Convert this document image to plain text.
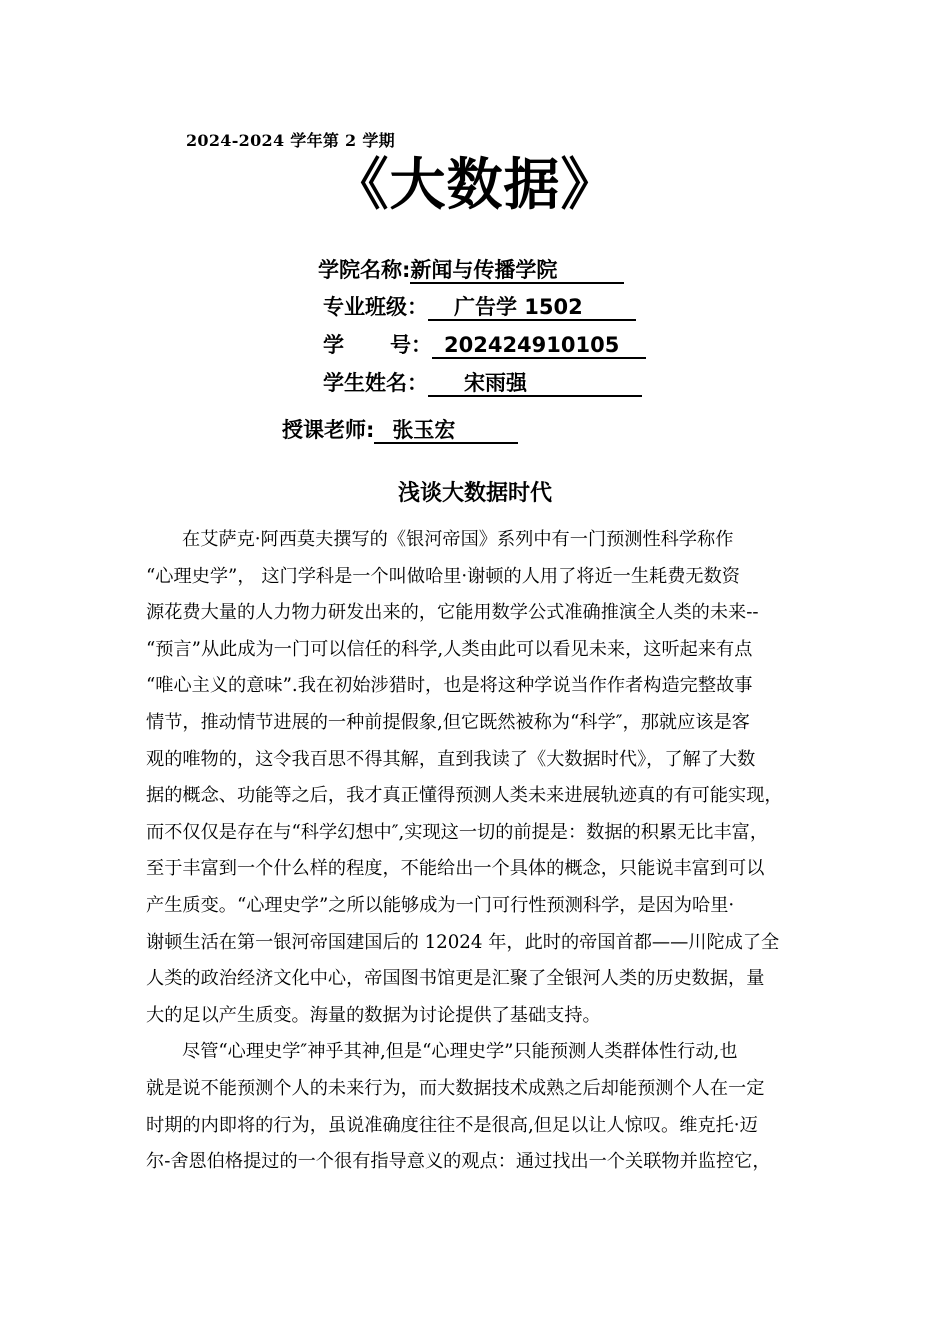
2024-2024 学年第 2 学期
《大数据》
学院名称:新闻与传播学院
专业班级： 广告学 1502
学 号： 202424910105
学生姓名： 宋雨强
授课老师: 张玉宏
浅谈大数据时代
在艾萨克·阿西莫夫撰写的《银河帝国》系列中有一门预测性科学称作
“心理史学”， 这门学科是一个叫做哈里·谢顿的人用了将近一生耗费无数资
源花费大量的人力物力研发出来的，它能用数学公式准确推演全人类的未来--
“预言”从此成为一门可以信任的科学,人类由此可以看见未来，这听起来有点
“唯心主义的意味”.我在初始涉猎时，也是将这种学说当作作者构造完整故事
情节，推动情节进展的一种前提假象,但它既然被称为“科学″，那就应该是客
观的唯物的，这令我百思不得其解，直到我读了《大数据时代》，了解了大数
据的概念、功能等之后，我才真正懂得预测人类未来进展轨迹真的有可能实现，
而不仅仅是存在与“科学幻想中″,实现这一切的前提是：数据的积累无比丰富，
至于丰富到一个什么样的程度，不能给出一个具体的概念，只能说丰富到可以
产生质变。“心理史学”之所以能够成为一门可行性预测科学，是因为哈里·
谢顿生活在第一银河帝国建国后的 12024 年，此时的帝国首都——川陀成了全
人类的政治经济文化中心，帝国图书馆更是汇聚了全银河人类的历史数据，量
大的足以产生质变。海量的数据为讨论提供了基础支持。
尽管“心理史学″神乎其神,但是“心理史学”只能预测人类群体性行动,也
就是说不能预测个人的未来行为，而大数据技术成熟之后却能预测个人在一定
时期的内即将的行为，虽说准确度往往不是很高,但足以让人惊叹。维克托·迈
尔-舍恩伯格提过的一个很有指导意义的观点：通过找出一个关联物并监控它，
